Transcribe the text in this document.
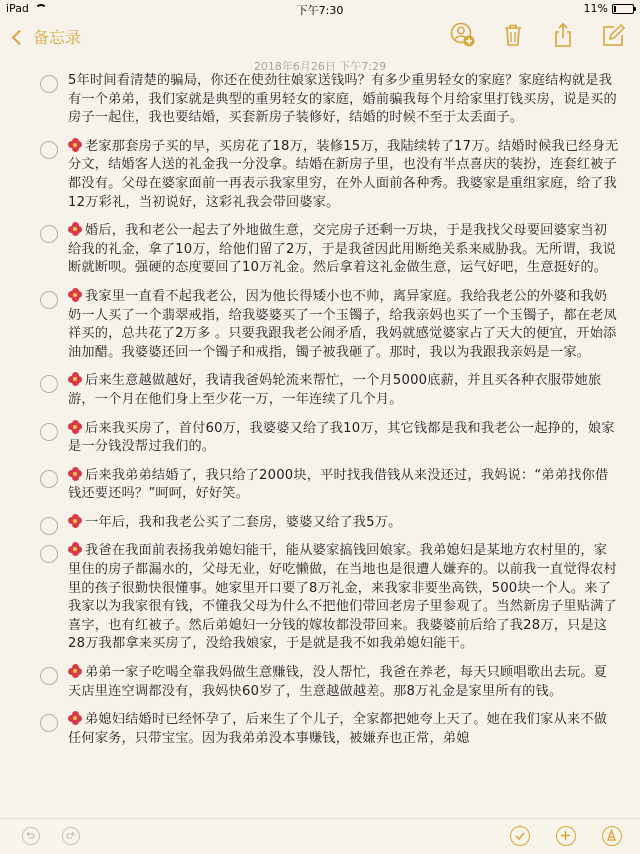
iPad	下午7:30	11%
备忘录
2018年6月26日 下午7:29
5年时间看清楚的骗局，你还在使劲往娘家送钱吗？有多少重男轻女的家庭？家庭结构就是我有一个弟弟，我们家就是典型的重男轻女的家庭，婚前骗我每个月给家里打钱买房，说是买的房子一起住，我也要结婚，买套新房子装修好，结婚的时候不至于太丢面子。
老家那套房子买的早，买房花了18万，装修15万，我陆续转了17万。结婚时候我已经身无分文，结婚客人送的礼金我一分没拿。结婚在新房子里，也没有半点喜庆的装扮，连套红被子都没有。父母在婆家面前一再表示我家里穷，在外人面前各种秀。我婆家是重组家庭，给了我12万彩礼，当初说好，这彩礼我会带回婆家。
婚后，我和老公一起去了外地做生意，交完房子还剩一万块，于是我找父母要回婆家当初给我的礼金，拿了10万，给他们留了2万，于是我爸因此用断绝关系来威胁我。无所谓，我说断就断呗。强硬的态度要回了10万礼金。然后拿着这礼金做生意，运气好吧，生意挺好的。
我家里一直看不起我老公，因为他长得矮小也不帅，离异家庭。我给我老公的外婆和我奶奶一人买了一个翡翠戒指，给我婆婆买了一个玉镯子，给我亲妈也买了一个玉镯子，都在老凤祥买的，总共花了2万多 。只要我跟我老公闹矛盾，我妈就感觉婆家占了天大的便宜，开始添油加醋。我婆婆还回一个镯子和戒指，镯子被我砸了。那时，我以为我跟我亲妈是一家。
后来生意越做越好，我请我爸妈轮流来帮忙，一个月5000底薪，并且买各种衣服带她旅游，一个月在他们身上至少花一万，一年连续了几个月。
后来我买房了，首付60万，我婆婆又给了我10万，其它钱都是我和我老公一起挣的，娘家是一分钱没帮过我们的。
后来我弟弟结婚了，我只给了2000块，平时找我借钱从来没还过，我妈说：“弟弟找你借钱还要还吗？”呵呵，好好笑。
一年后，我和我老公买了二套房，婆婆又给了我5万。
我爸在我面前表扬我弟媳妇能干，能从婆家搞钱回娘家。我弟媳妇是某地方农村里的，家里住的房子都漏水的，父母无业，好吃懒做，在当地也是很遭人嫌弃的。以前我一直觉得农村里的孩子很勤快很懂事。她家里开口要了8万礼金，来我家非要坐高铁，500块一个人。来了我家以为我家很有钱，不懂我父母为什么不把他们带回老房子里参观了。当然新房子里贴满了喜字，也有红被子。然后弟媳妇一分钱的嫁妆都没带回来。我婆婆前后给了我28万，只是这28万我都拿来买房了，没给我娘家，于是就是我不如我弟媳妇能干。
弟弟一家子吃喝全靠我妈做生意赚钱，没人帮忙，我爸在养老，每天只顾唱歌出去玩。夏天店里连空调都没有，我妈快60岁了，生意越做越差。那8万礼金是家里所有的钱。
弟媳妇结婚时已经怀孕了，后来生了个儿子，全家都把她夸上天了。她在我们家从来不做任何家务，只带宝宝。因为我弟弟没本事赚钱，被嫌弃也正常，弟媳
